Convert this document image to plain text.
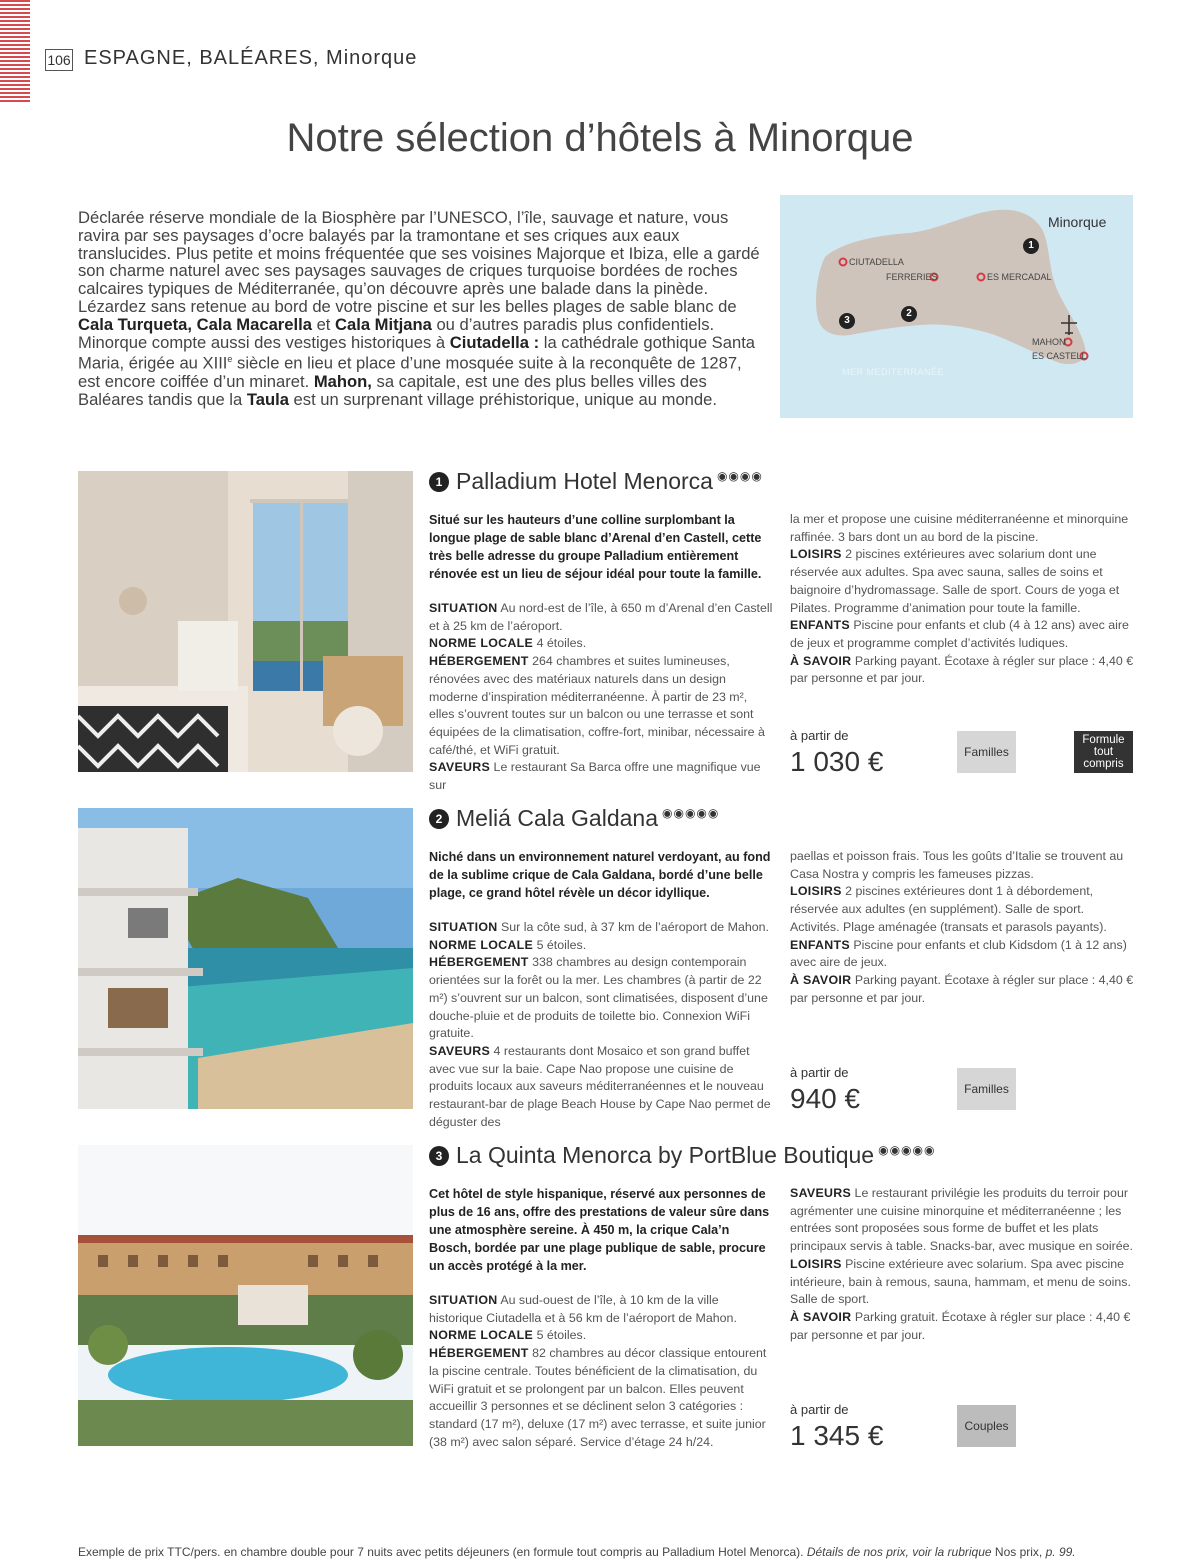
106 ESPAGNE, BALÉARES, Minorque
Notre sélection d’hôtels à Minorque

Déclarée réserve mondiale de la Biosphère par l’UNESCO, l’île, sauvage et nature, vous ravira par ses paysages d’ocre balayés par la tramontane et ses criques aux eaux translucides. Plus petite et moins fréquentée que ses voisines Majorque et Ibiza, elle a gardé son charme naturel avec ses paysages sauvages de criques turquoise bordées de roches calcaires typiques de Méditerranée, qu’on découvre après une balade dans la pinède. Lézardez sans retenue au bord de votre piscine et sur les belles plages de sable blanc de Cala Turqueta, Cala Macarella et Cala Mitjana ou d’autres paradis plus confidentiels. Minorque compte aussi des vestiges historiques à Ciutadella : la cathédrale gothique Santa Maria, érigée au XIIIe siècle en lieu et place d’une mosquée suite à la reconquête de 1287, est encore coiffée d’un minaret. Mahon, sa capitale, est une des plus belles villes des Baléares tandis que la Taula est un surprenant village préhistorique, unique au monde.

Minorque
CIUTADELLA
FERRERIES	ES MERCADAL
MAHON
ES CASTELL
1
2
3
MER MÉDITERRANÉE
1 Palladium Hotel Menorca ◉◉◉◉
Situé sur les hauteurs d’une colline surplombant la longue plage de sable blanc d’Arenal d’en Castell, cette très belle adresse du groupe Palladium entièrement rénovée est un lieu de séjour idéal pour toute la famille.
SITUATION Au nord-est de l’île, à 650 m d’Arenal d’en Castell et à 25 km de l’aéroport.
NORME LOCALE 4 étoiles.
HÉBERGEMENT 264 chambres et suites lumineuses, rénovées avec des matériaux naturels dans un design moderne d’inspiration méditerranéenne. À partir de 23 m², elles s’ouvrent toutes sur un balcon ou une terrasse et sont équipées de la climatisation, coffre-fort, minibar, nécessaire à café/thé, et WiFi gratuit.
SAVEURS Le restaurant Sa Barca offre une magnifique vue sur
la mer et propose une cuisine méditerranéenne et minorquine raffinée. 3 bars dont un au bord de la piscine.
LOISIRS 2 piscines extérieures avec solarium dont une réservée aux adultes. Spa avec sauna, salles de soins et baignoire d’hydromassage. Salle de sport. Cours de yoga et Pilates. Programme d’animation pour toute la famille.
ENFANTS Piscine pour enfants et club (4 à 12 ans) avec aire de jeux et programme complet d’activités ludiques.
À SAVOIR Parking payant. Écotaxe à régler sur place : 4,40 € par personne et par jour.
à partir de
1 030 €	Familles
Formule tout compris
2 Meliá Cala Galdana ◉◉◉◉◉
Niché dans un environnement naturel verdoyant, au fond de la sublime crique de Cala Galdana, bordé d’une belle plage, ce grand hôtel révèle un décor idyllique.
SITUATION Sur la côte sud, à 37 km de l’aéroport de Mahon.
NORME LOCALE 5 étoiles.
HÉBERGEMENT 338 chambres au design contemporain orientées sur la forêt ou la mer. Les chambres (à partir de 22 m²) s’ouvrent sur un balcon, sont climatisées, disposent d’une douche-pluie et de produits de toilette bio. Connexion WiFi gratuite.
SAVEURS 4 restaurants dont Mosaico et son grand buffet avec vue sur la baie. Cape Nao propose une cuisine de produits locaux aux saveurs méditerranéennes et le nouveau restaurant-bar de plage Beach House by Cape Nao permet de déguster des
paellas et poisson frais. Tous les goûts d’Italie se trouvent au Casa Nostra y compris les fameuses pizzas.
LOISIRS 2 piscines extérieures dont 1 à débordement, réservée aux adultes (en supplément). Salle de sport. Activités. Plage aménagée (transats et parasols payants).
ENFANTS Piscine pour enfants et club Kidsdom (1 à 12 ans) avec aire de jeux.
À SAVOIR Parking payant. Écotaxe à régler sur place : 4,40 € par personne et par jour.
à partir de
940 €	Familles
3 La Quinta Menorca by PortBlue Boutique ◉◉◉◉◉
Cet hôtel de style hispanique, réservé aux personnes de plus de 16 ans, offre des prestations de valeur sûre dans une atmosphère sereine. À 450 m, la crique Cala’n Bosch, bordée par une plage publique de sable, procure un accès protégé à la mer.
SITUATION Au sud-ouest de l’île, à 10 km de la ville historique Ciutadella et à 56 km de l’aéroport de Mahon.
NORME LOCALE 5 étoiles.
HÉBERGEMENT 82 chambres au décor classique entourent la piscine centrale. Toutes bénéficient de la climatisation, du WiFi gratuit et se prolongent par un balcon. Elles peuvent accueillir 3 personnes et se déclinent selon 3 catégories : standard (17 m²), deluxe (17 m²) avec terrasse, et suite junior (38 m²) avec salon séparé. Service d’étage 24 h/24.
SAVEURS Le restaurant privilégie les produits du terroir pour agrémenter une cuisine minorquine et méditerranéenne ; les entrées sont proposées sous forme de buffet et les plats principaux servis à table. Snacks-bar, avec musique en soirée.
LOISIRS Piscine extérieure avec solarium. Spa avec piscine intérieure, bain à remous, sauna, hammam, et menu de soins. Salle de sport.
À SAVOIR Parking gratuit. Écotaxe à régler sur place : 4,40 € par personne et par jour.
à partir de
1 345 €	Couples
Exemple de prix TTC/pers. en chambre double pour 7 nuits avec petits déjeuners (en formule tout compris au Palladium Hotel Menorca). Détails de nos prix, voir la rubrique Nos prix, p. 99.
